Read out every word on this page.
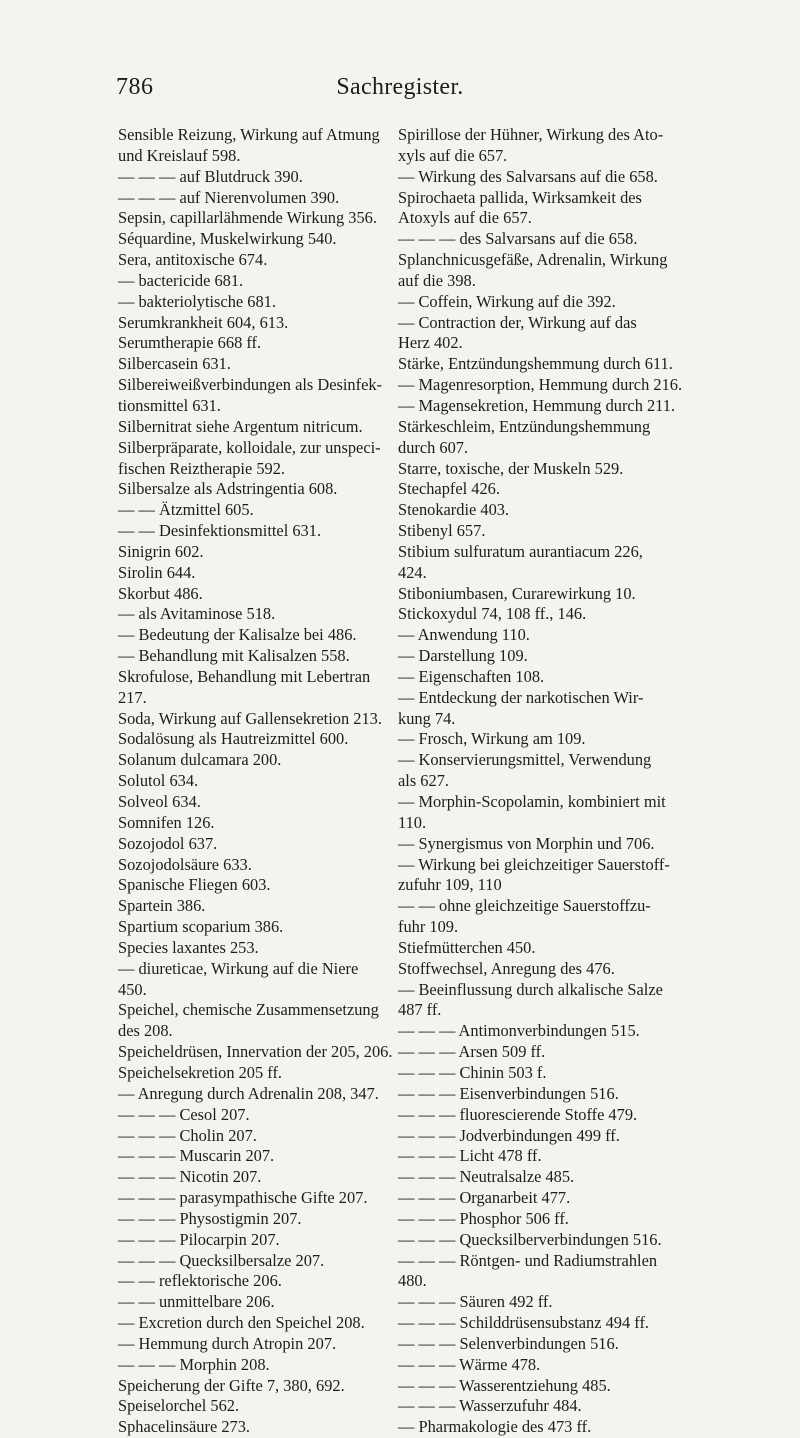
Sachregister.
786
Sensible Reizung, Wirkung auf Atmung
und Kreislauf 598.
— — — auf Blutdruck 390.
— — — auf Nierenvolumen 390.
Sepsin, capillarlähmende Wirkung 356.
Séquardine, Muskelwirkung 540.
Sera, antitoxische 674.
— bactericide 681.
— bakteriolytische 681.
Serumkrankheit 604, 613.
Serumtherapie 668 ff.
Silbercasein 631.
Silbereiweißverbindungen als Desinfek-
tionsmittel 631.
Silbernitrat siehe Argentum nitricum.
Silberpräparate, kolloidale, zur unspeci-
fischen Reiztherapie 592.
Silbersalze als Adstringentia 608.
— — Ätzmittel 605.
— — Desinfektionsmittel 631.
Sinigrin 602.
Sirolin 644.
Skorbut 486.
— als Avitaminose 518.
— Bedeutung der Kalisalze bei 486.
— Behandlung mit Kalisalzen 558.
Skrofulose, Behandlung mit Lebertran
217.
Soda, Wirkung auf Gallensekretion 213.
Sodalösung als Hautreizmittel 600.
Solanum dulcamara 200.
Solutol 634.
Solveol 634.
Somnifen 126.
Sozojodol 637.
Sozojodolsäure 633.
Spanische Fliegen 603.
Spartein 386.
Spartium scoparium 386.
Species laxantes 253.
— diureticae, Wirkung auf die Niere
450.
Speichel, chemische Zusammensetzung
des 208.
Speicheldrüsen, Innervation der 205, 206.
Speichelsekretion 205 ff.
— Anregung durch Adrenalin 208, 347.
— — — Cesol 207.
— — — Cholin 207.
— — — Muscarin 207.
— — — Nicotin 207.
— — — parasympathische Gifte 207.
— — — Physostigmin 207.
— — — Pilocarpin 207.
— — — Quecksilbersalze 207.
— — reflektorische 206.
— — unmittelbare 206.
— Excretion durch den Speichel 208.
— Hemmung durch Atropin 207.
— — — Morphin 208.
Speicherung der Gifte 7, 380, 692.
Speiselorchel 562.
Sphacelinsäure 273.
Spirillose der Hühner, Wirkung des Ato-
xyls auf die 657.
— Wirkung des Salvarsans auf die 658.
Spirochaeta pallida, Wirksamkeit des
Atoxyls auf die 657.
— — — des Salvarsans auf die 658.
Splanchnicusgefäße, Adrenalin, Wirkung
auf die 398.
— Coffein, Wirkung auf die 392.
— Contraction der, Wirkung auf das
Herz 402.
Stärke, Entzündungshemmung durch 611.
— Magenresorption, Hemmung durch 216.
— Magensekretion, Hemmung durch 211.
Stärkeschleim, Entzündungshemmung
durch 607.
Starre, toxische, der Muskeln 529.
Stechapfel 426.
Stenokardie 403.
Stibenyl 657.
Stibium sulfuratum aurantiacum 226,
424.
Stiboniumbasen, Curarewirkung 10.
Stickoxydul 74, 108 ff., 146.
— Anwendung 110.
— Darstellung 109.
— Eigenschaften 108.
— Entdeckung der narkotischen Wir-
kung 74.
— Frosch, Wirkung am 109.
— Konservierungsmittel, Verwendung
als 627.
— Morphin-Scopolamin, kombiniert mit
110.
— Synergismus von Morphin und 706.
— Wirkung bei gleichzeitiger Sauerstoff-
zufuhr 109, 110
— — ohne gleichzeitige Sauerstoffzu-
fuhr 109.
Stiefmütterchen 450.
Stoffwechsel, Anregung des 476.
— Beeinflussung durch alkalische Salze
487 ff.
— — — Antimonverbindungen 515.
— — — Arsen 509 ff.
— — — Chinin 503 f.
— — — Eisenverbindungen 516.
— — — fluorescierende Stoffe 479.
— — — Jodverbindungen 499 ff.
— — — Licht 478 ff.
— — — Neutralsalze 485.
— — — Organarbeit 477.
— — — Phosphor 506 ff.
— — — Quecksilberverbindungen 516.
— — — Röntgen- und Radiumstrahlen
480.
— — — Säuren 492 ff.
— — — Schilddrüsensubstanz 494 ff.
— — — Selenverbindungen 516.
— — — Wärme 478.
— — — Wasserentziehung 485.
— — — Wasserzufuhr 484.
— Pharmakologie des 473 ff.
